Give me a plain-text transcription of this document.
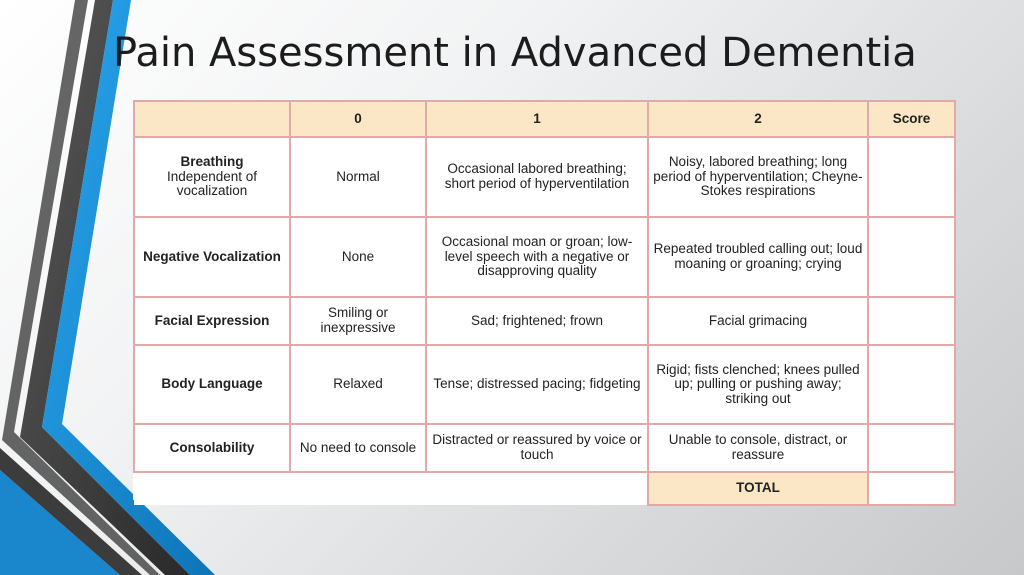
Pain Assessment in Advanced Dementia
	0	1	2	Score
Breathing
Independent of vocalization	Normal	Occasional labored breathing; short period of hyperventilation	Noisy, labored breathing; long period of hyperventilation; Cheyne-Stokes respirations	
Negative Vocalization	None	Occasional moan or groan; low-level speech with a negative or disapproving quality	Repeated troubled calling out; loud moaning or groaning; crying	
Facial Expression	Smiling or inexpressive	Sad; frightened; frown	Facial grimacing	
Body Language	Relaxed	Tense; distressed pacing; fidgeting	Rigid; fists clenched; knees pulled up; pulling or pushing away; striking out	
Consolability	No need to console	Distracted or reassured by voice or touch	Unable to console, distract, or reassure	
			TOTAL	
